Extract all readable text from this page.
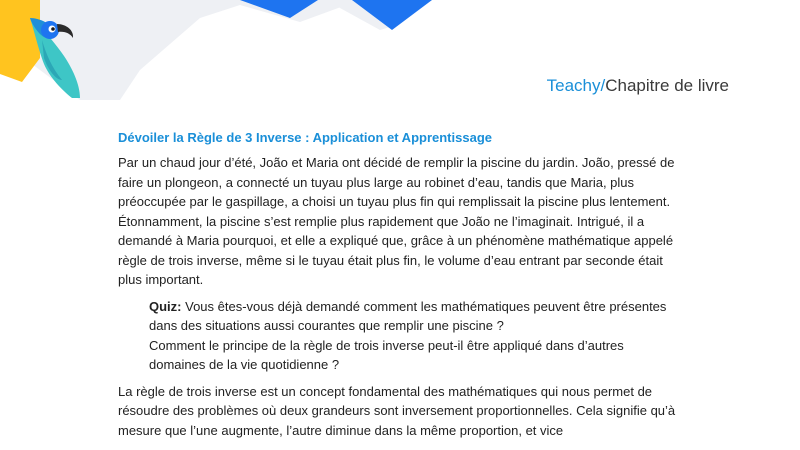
Teachy/Chapitre de livre
Dévoiler la Règle de 3 Inverse : Application et Apprentissage
Par un chaud jour d’été, João et Maria ont décidé de remplir la piscine du jardin. João, pressé de faire un plongeon, a connecté un tuyau plus large au robinet d’eau, tandis que Maria, plus préoccupée par le gaspillage, a choisi un tuyau plus fin qui remplissait la piscine plus lentement. Étonnamment, la piscine s’est remplie plus rapidement que João ne l’imaginait. Intrigué, il a demandé à Maria pourquoi, et elle a expliqué que, grâce à un phénomène mathématique appelé règle de trois inverse, même si le tuyau était plus fin, le volume d’eau entrant par seconde était plus important.
Quiz: Vous êtes-vous déjà demandé comment les mathématiques peuvent être présentes dans des situations aussi courantes que remplir une piscine ?
Comment le principe de la règle de trois inverse peut-il être appliqué dans d’autres domaines de la vie quotidienne ?
La règle de trois inverse est un concept fondamental des mathématiques qui nous permet de résoudre des problèmes où deux grandeurs sont inversement proportionnelles. Cela signifie qu’à mesure que l’une augmente, l’autre diminue dans la même proportion, et vice
